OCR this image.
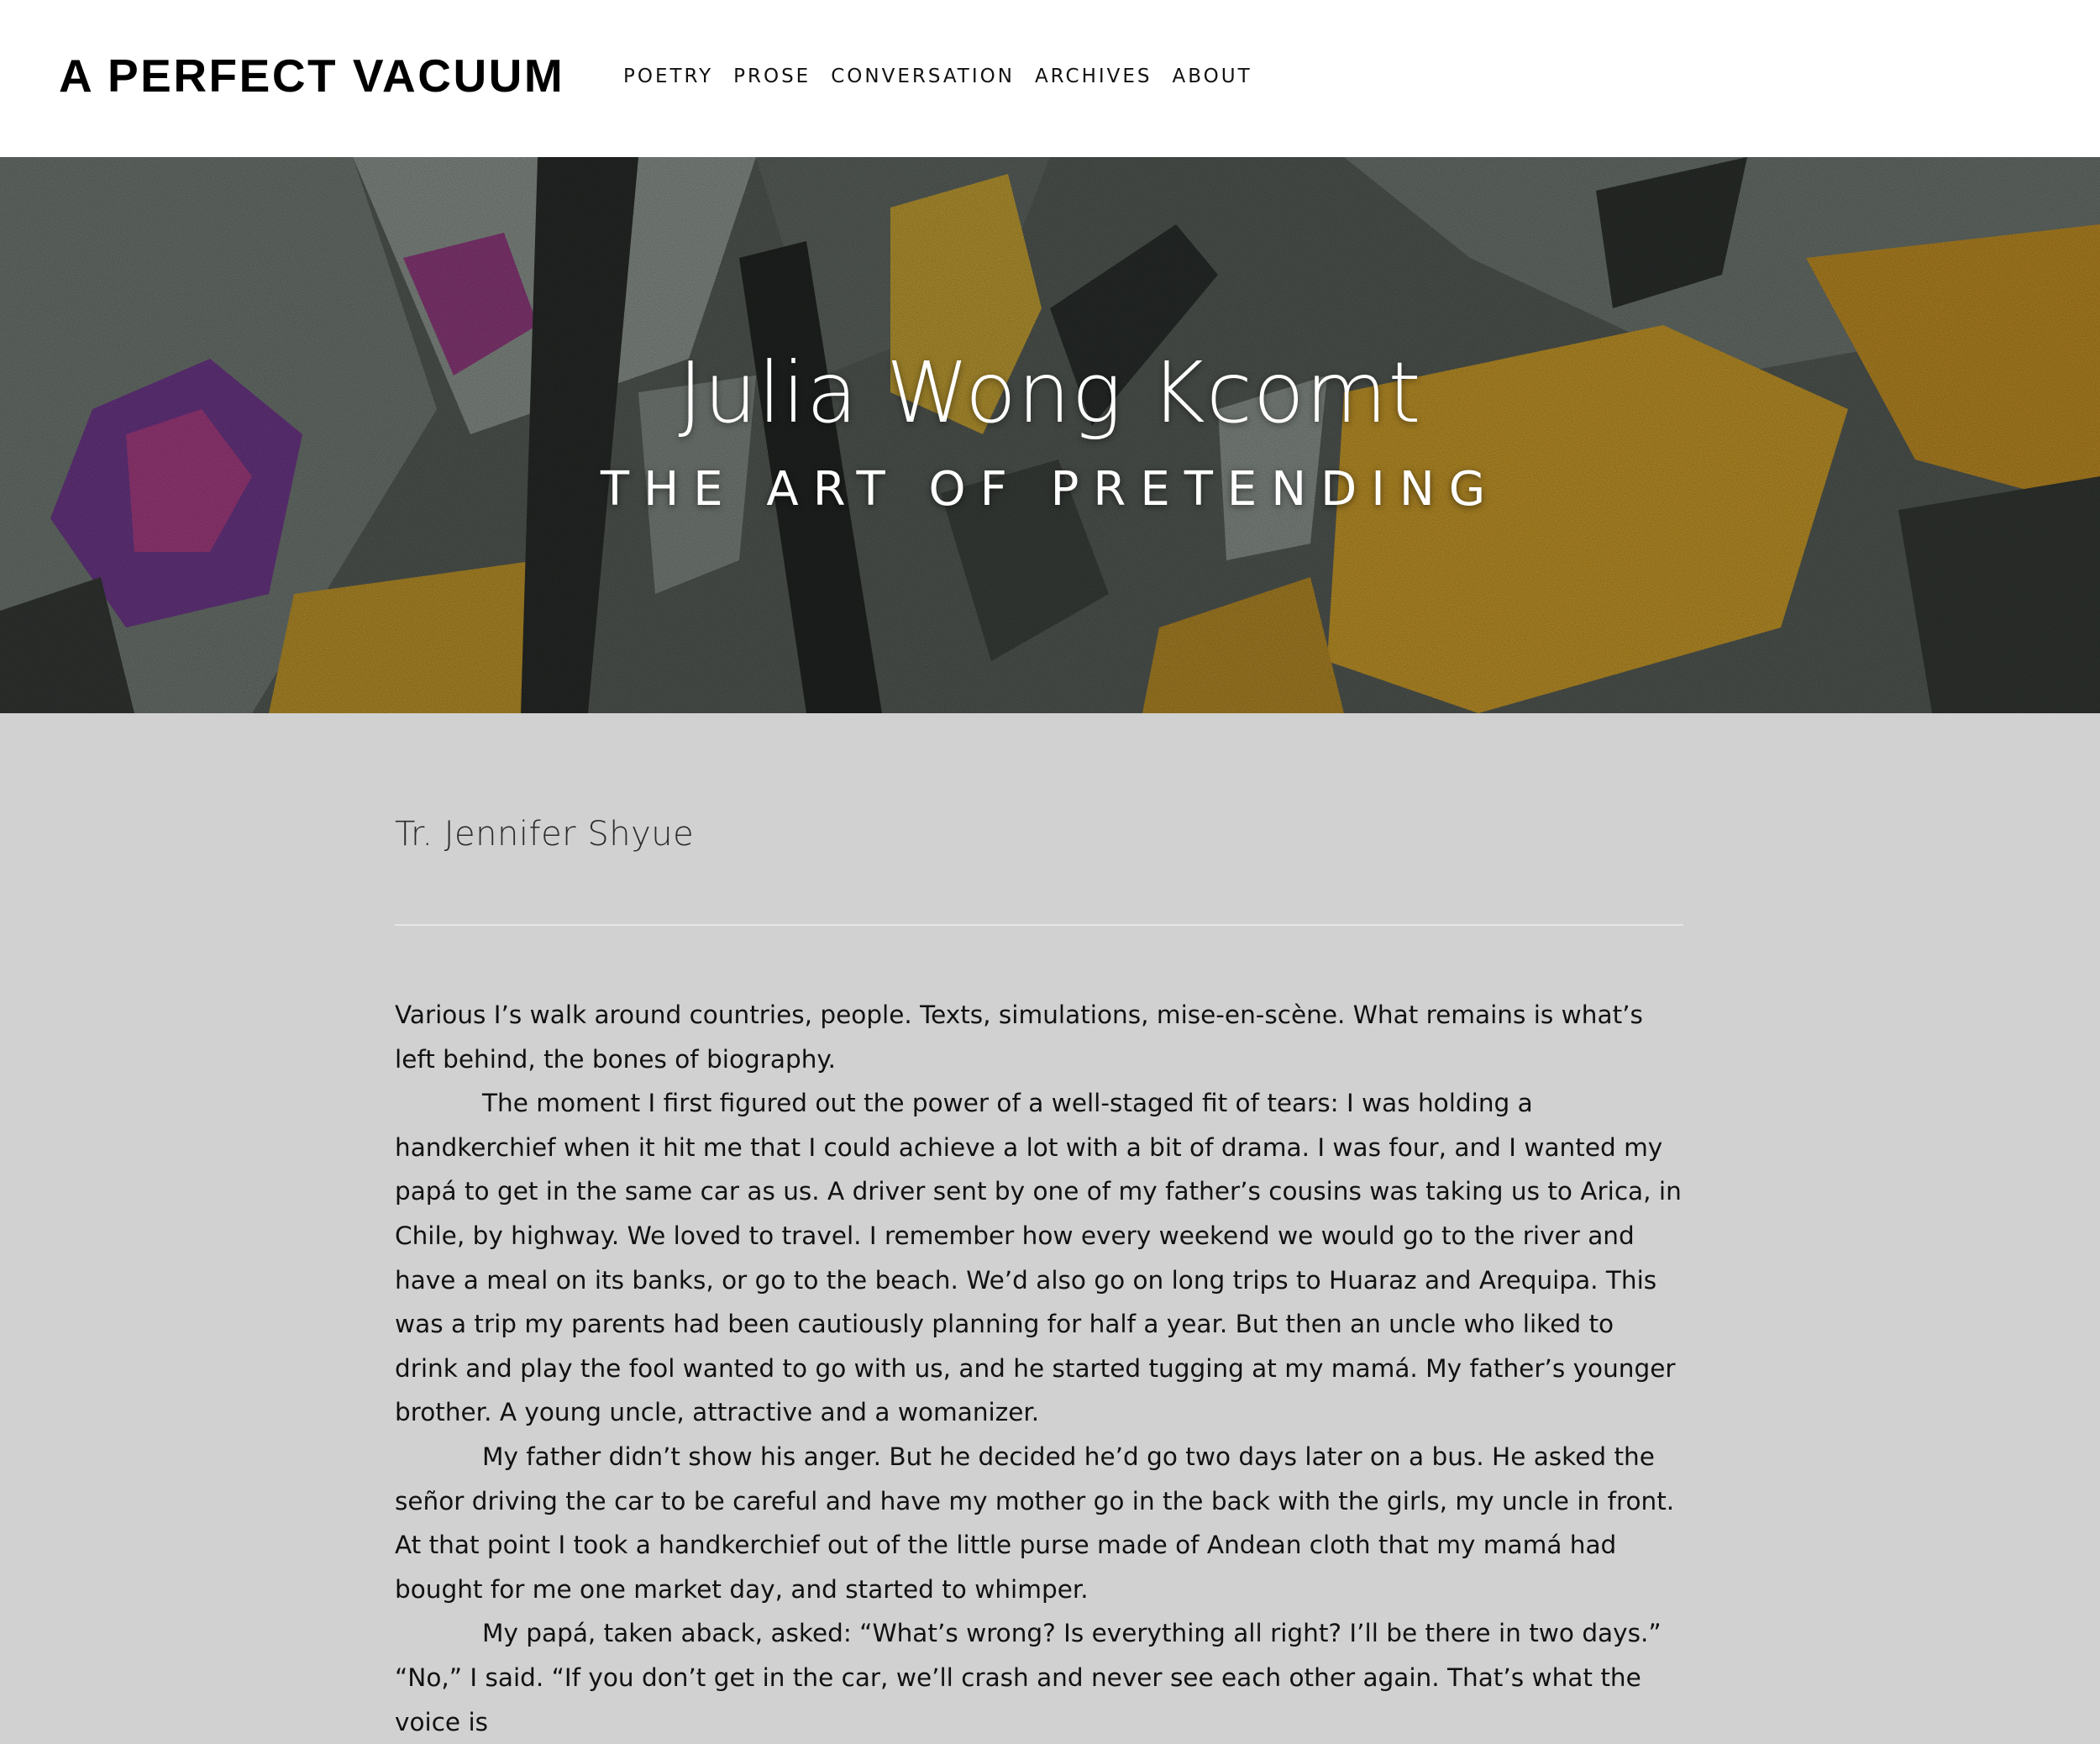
A PERFECT VACUUM	POETRY PROSE CONVERSATION ARCHIVES ABOUT
Julia Wong Kcomt
THE ART OF PRETENDING
Tr. Jennifer Shyue

Various I’s walk around countries, people. Texts, simulations, mise-en-scène. What remains is what’s left behind, the bones of biography.

The moment I first figured out the power of a well-staged fit of tears: I was holding a handkerchief when it hit me that I could achieve a lot with a bit of drama. I was four, and I wanted my papá to get in the same car as us. A driver sent by one of my father’s cousins was taking us to Arica, in Chile, by highway. We loved to travel. I remember how every weekend we would go to the river and have a meal on its banks, or go to the beach. We’d also go on long trips to Huaraz and Arequipa. This was a trip my parents had been cautiously planning for half a year. But then an uncle who liked to drink and play the fool wanted to go with us, and he started tugging at my mamá. My father’s younger brother. A young uncle, attractive and a womanizer.

My father didn’t show his anger. But he decided he’d go two days later on a bus. He asked the señor driving the car to be careful and have my mother go in the back with the girls, my uncle in front. At that point I took a handkerchief out of the little purse made of Andean cloth that my mamá had bought for me one market day, and started to whimper.

My papá, taken aback, asked: “What’s wrong? Is everything all right? I’ll be there in two days.” “No,” I said. “If you don’t get in the car, we’ll crash and never see each other again. That’s what the voice is
